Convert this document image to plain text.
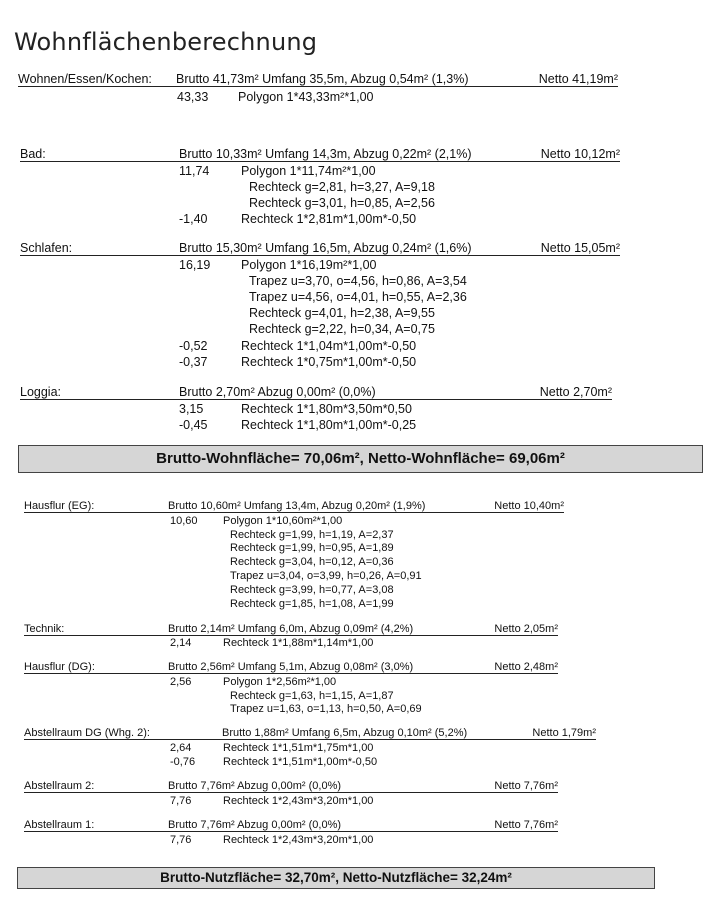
Wohnflächenberechnung
Wohnen/Essen/Kochen:	Brutto 41,73m² Umfang 35,5m, Abzug 0,54m² (1,3%)	Netto 41,19m²
43,33 Polygon 1*43,33m²*1,00
Bad:	Brutto 10,33m² Umfang 14,3m, Abzug 0,22m² (2,1%)	Netto 10,12m²
11,74	Polygon 1*11,74m²*1,00
Rechteck g=2,81, h=3,27, A=9,18
Rechteck g=3,01, h=0,85, A=2,56
-1,40	Rechteck 1*2,81m*1,00m*-0,50
Schlafen:	Brutto 15,30m² Umfang 16,5m, Abzug 0,24m² (1,6%)	Netto 15,05m²
16,19 Polygon 1*16,19m²*1,00
Trapez u=3,70, o=4,56, h=0,86, A=3,54
Trapez u=4,56, o=4,01, h=0,55, A=2,36
Rechteck g=4,01, h=2,38, A=9,55
Rechteck g=2,22, h=0,34, A=0,75
-0,52	Rechteck 1*1,04m*1,00m*-0,50
-0,37	Rechteck 1*0,75m*1,00m*-0,50
Loggia:	Brutto 2,70m² Abzug 0,00m² (0,0%)	Netto 2,70m²
3,15	Rechteck 1*1,80m*3,50m*0,50
-0,45	Rechteck 1*1,80m*1,00m*-0,25
Brutto-Wohnfläche= 70,06m², Netto-Wohnfläche= 69,06m²
Hausflur (EG):	Brutto 10,60m² Umfang 13,4m, Abzug 0,20m² (1,9%)	Netto 10,40m²
10,60 Polygon 1*10,60m²*1,00
Rechteck g=1,99, h=1,19, A=2,37
Rechteck g=1,99, h=0,95, A=1,89
Rechteck g=3,04, h=0,12, A=0,36
Trapez u=3,04, o=3,99, h=0,26, A=0,91
Rechteck g=3,99, h=0,77, A=3,08
Rechteck g=1,85, h=1,08, A=1,99
Technik:	Brutto 2,14m² Umfang 6,0m, Abzug 0,09m² (4,2%)	Netto 2,05m²
2,14	Rechteck 1*1,88m*1,14m*1,00
Hausflur (DG):	Brutto 2,56m² Umfang 5,1m, Abzug 0,08m² (3,0%)	Netto 2,48m²
2,56	Polygon 1*2,56m²*1,00
Rechteck g=1,63, h=1,15, A=1,87
Trapez u=1,63, o=1,13, h=0,50, A=0,69
Abstellraum DG (Whg. 2):	Brutto 1,88m² Umfang 6,5m, Abzug 0,10m² (5,2%)	Netto 1,79m²
2,64	Rechteck 1*1,51m*1,75m*1,00
-0,76	Rechteck 1*1,51m*1,00m*-0,50
Abstellraum 2:	Brutto 7,76m² Abzug 0,00m² (0,0%)	Netto 7,76m²
7,76	Rechteck 1*2,43m*3,20m*1,00
Abstellraum 1:	Brutto 7,76m² Abzug 0,00m² (0,0%)	Netto 7,76m²
7,76	Rechteck 1*2,43m*3,20m*1,00
Brutto-Nutzfläche= 32,70m², Netto-Nutzfläche= 32,24m²
